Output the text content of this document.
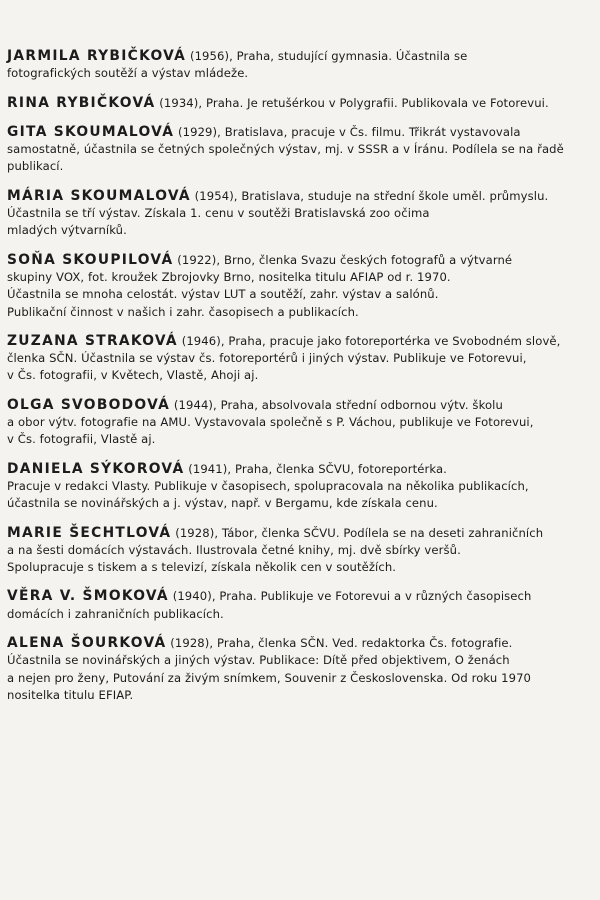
JARMILA RYBIČKOVÁ (1956), Praha, studující gymnasia. Účastnila se
fotografických soutěží a výstav mládeže.
RINA RYBIČKOVÁ (1934), Praha. Je retušérkou v Polygrafii. Publikovala ve Fotorevui.
GITA SKOUMALOVÁ (1929), Bratislava, pracuje v Čs. filmu. Třikrát vystavovala
samostatně, účastnila se četných společných výstav, mj. v SSSR a v Íránu. Podílela se na řadě
publikací.
MÁRIA SKOUMALOVÁ (1954), Bratislava, studuje na střední škole uměl. průmyslu.
Účastnila se tří výstav. Získala 1. cenu v soutěži Bratislavská zoo očima
mladých výtvarníků.
SOŇA SKOUPILOVÁ (1922), Brno, členka Svazu českých fotografů a výtvarné
skupiny VOX, fot. kroužek Zbrojovky Brno, nositelka titulu AFIAP od r. 1970.
Účastnila se mnoha celostát. výstav LUT a soutěží, zahr. výstav a salónů.
Publikační činnost v našich i zahr. časopisech a publikacích.
ZUZANA STRAKOVÁ (1946), Praha, pracuje jako fotoreportérka ve Svobodném slově,
členka SČN. Účastnila se výstav čs. fotoreportérů i jiných výstav. Publikuje ve Fotorevui,
v Čs. fotografii, v Květech, Vlastě, Ahoji aj.
OLGA SVOBODOVÁ (1944), Praha, absolvovala střední odbornou výtv. školu
a obor výtv. fotografie na AMU. Vystavovala společně s P. Váchou, publikuje ve Fotorevui,
v Čs. fotografii, Vlastě aj.
DANIELA SÝKOROVÁ (1941), Praha, členka SČVU, fotoreportérka.
Pracuje v redakci Vlasty. Publikuje v časopisech, spolupracovala na několika publikacích,
účastnila se novinářských a j. výstav, např. v Bergamu, kde získala cenu.
MARIE ŠECHTLOVÁ (1928), Tábor, členka SČVU. Podílela se na deseti zahraničních
a na šesti domácích výstavách. Ilustrovala četné knihy, mj. dvě sbírky veršů.
Spolupracuje s tiskem a s televizí, získala několik cen v soutěžích.
VĚRA V. ŠMOKOVÁ (1940), Praha. Publikuje ve Fotorevui a v různých časopisech
domácích i zahraničních publikacích.
ALENA ŠOURKOVÁ (1928), Praha, členka SČN. Ved. redaktorka Čs. fotografie.
Účastnila se novinářských a jiných výstav. Publikace: Dítě před objektivem, O ženách
a nejen pro ženy, Putování za živým snímkem, Souvenir z Československa. Od roku 1970
nositelka titulu EFIAP.
